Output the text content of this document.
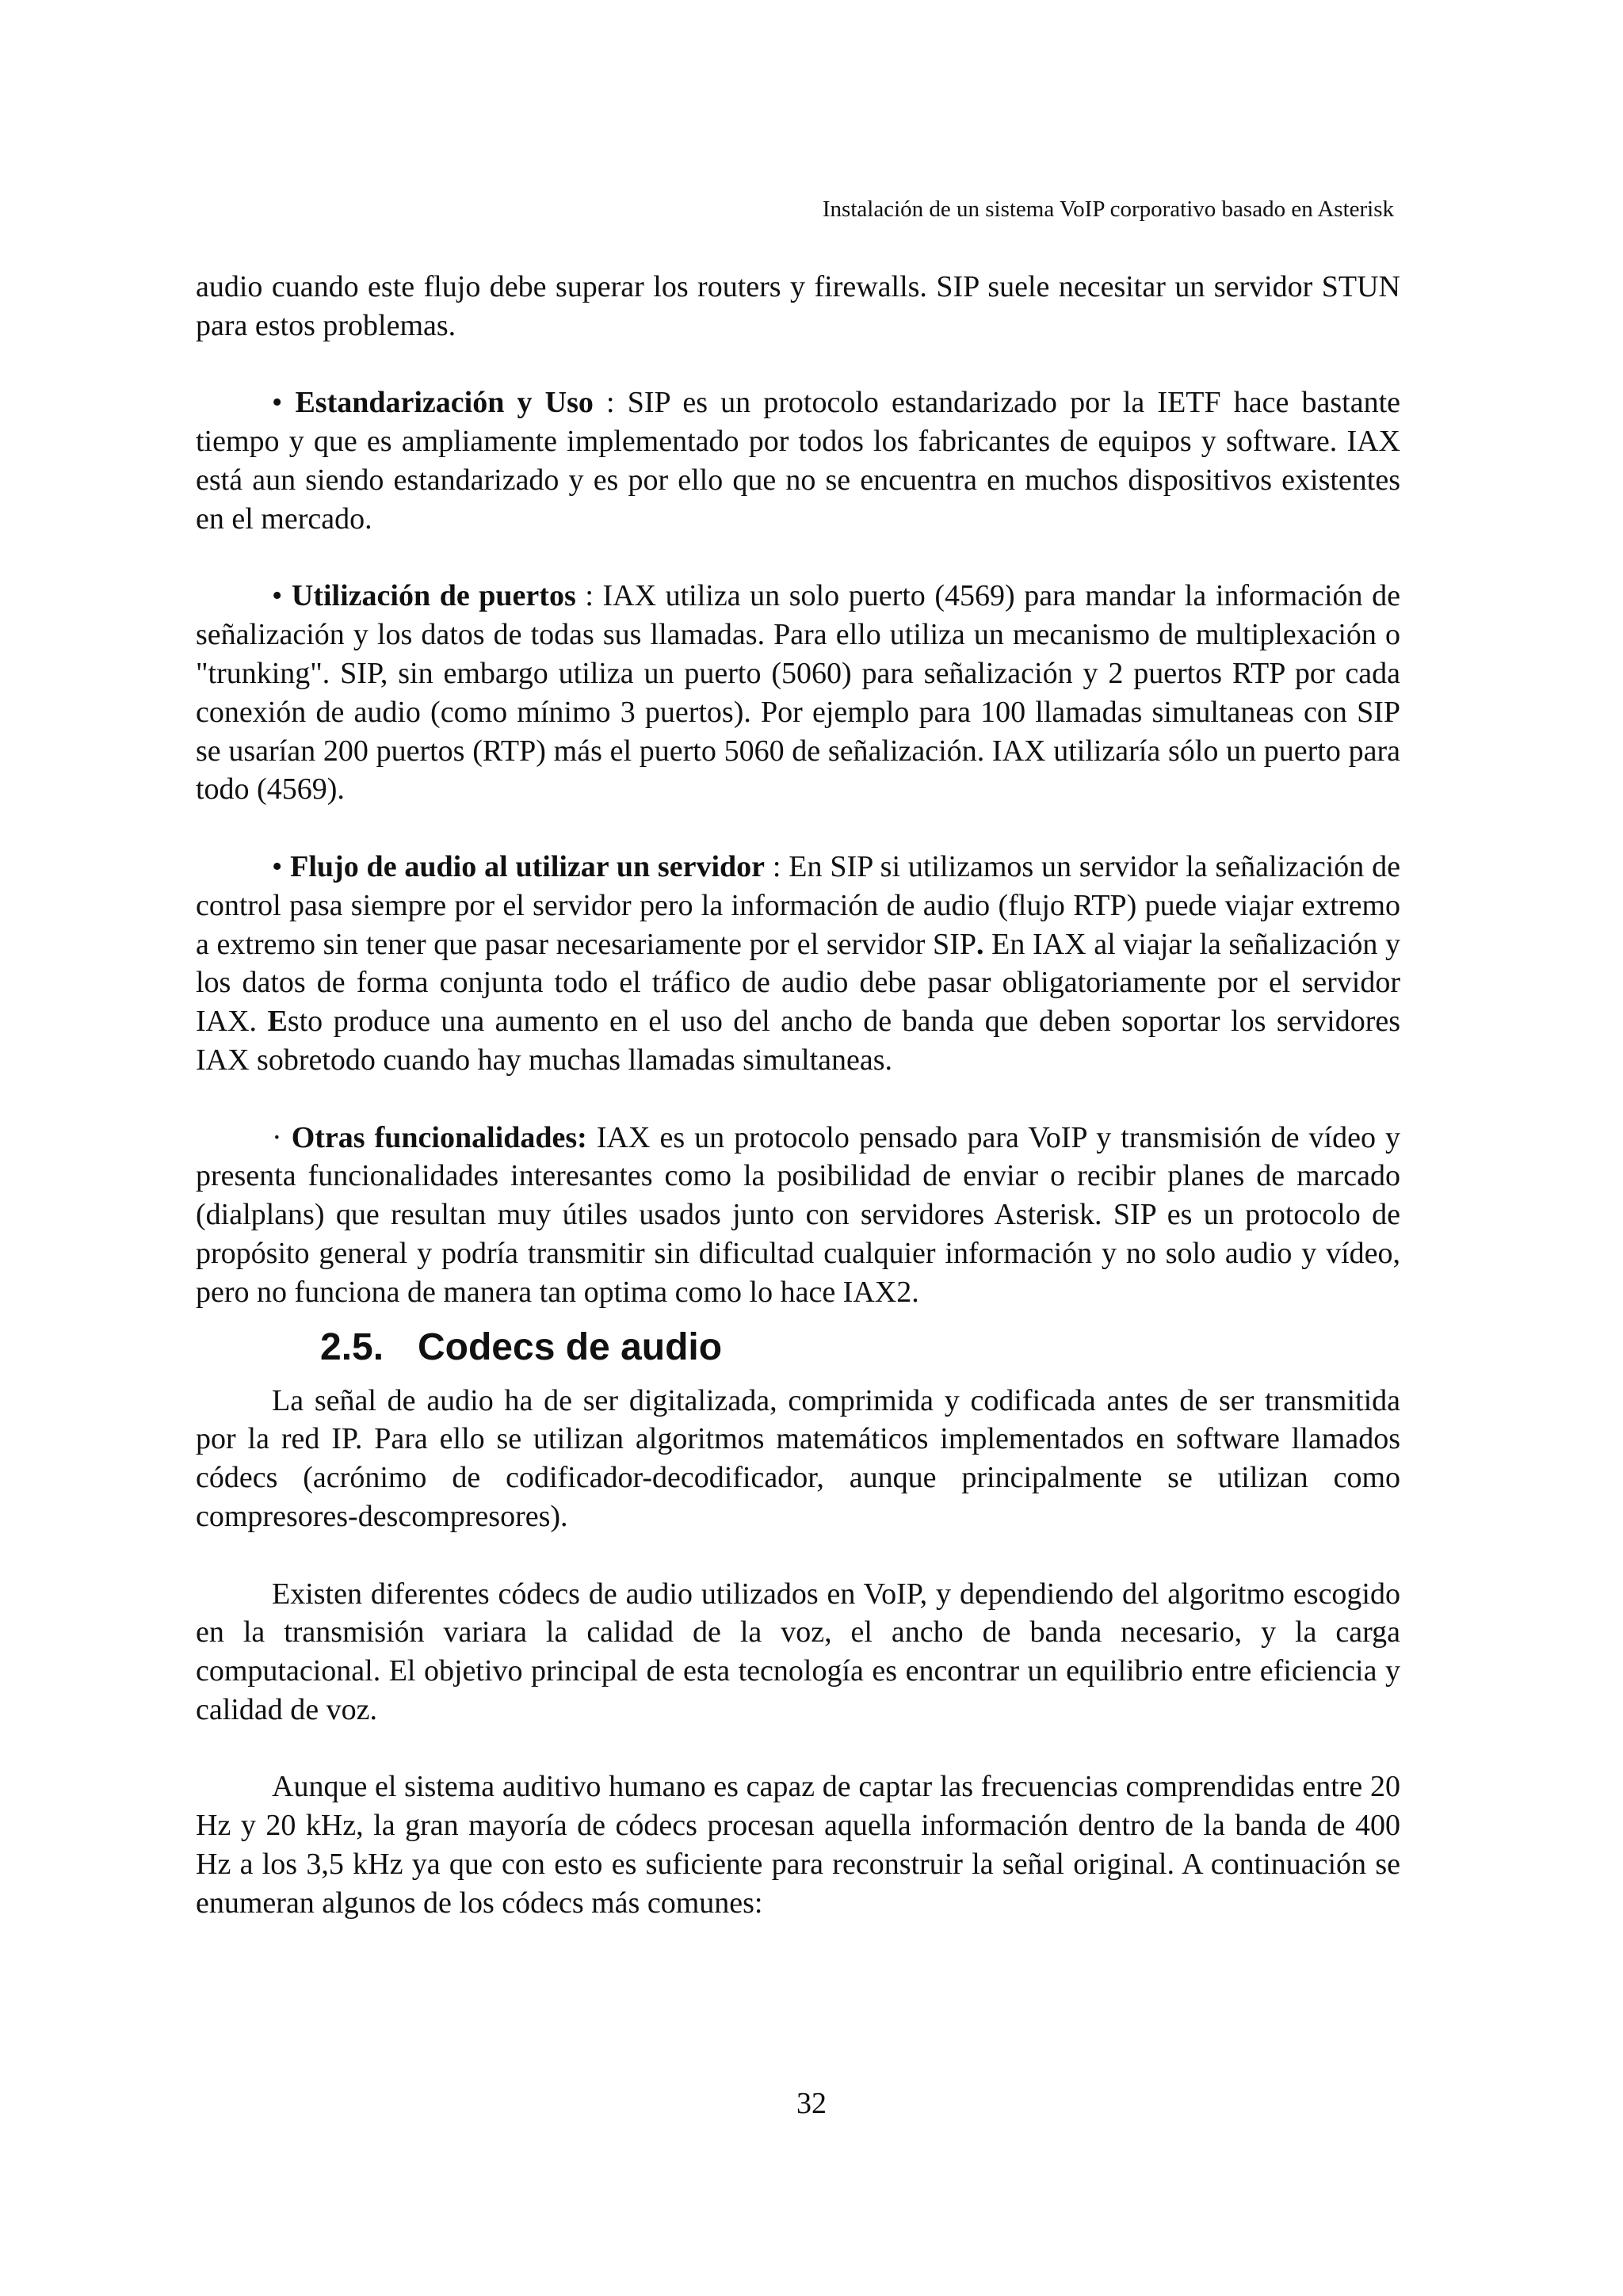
Instalación de un sistema VoIP corporativo basado en Asterisk

audio cuando este flujo debe superar los routers y firewalls. SIP suele necesitar un servidor STUN para estos problemas.

• Estandarización y Uso : SIP es un protocolo estandarizado por la IETF hace bastante tiempo y que es ampliamente implementado por todos los fabricantes de equipos y software. IAX está aun siendo estandarizado y es por ello que no se encuentra en muchos dispositivos existentes en el mercado.

• Utilización de puertos : IAX utiliza un solo puerto (4569) para mandar la información de señalización y los datos de todas sus llamadas. Para ello utiliza un mecanismo de multiplexación o "trunking". SIP, sin embargo utiliza un puerto (5060) para señalización y 2 puertos RTP por cada conexión de audio (como mínimo 3 puertos). Por ejemplo para 100 llamadas simultaneas con SIP se usarían 200 puertos (RTP) más el puerto 5060 de señalización. IAX utilizaría sólo un puerto para todo (4569).

• Flujo de audio al utilizar un servidor : En SIP si utilizamos un servidor la señalización de control pasa siempre por el servidor pero la información de audio (flujo RTP) puede viajar extremo a extremo sin tener que pasar necesariamente por el servidor SIP. En IAX al viajar la señalización y los datos de forma conjunta todo el tráfico de audio debe pasar obligatoriamente por el servidor IAX. Esto produce una aumento en el uso del ancho de banda que deben soportar los servidores IAX sobretodo cuando hay muchas llamadas simultaneas.

· Otras funcionalidades: IAX es un protocolo pensado para VoIP y transmisión de vídeo y presenta funcionalidades interesantes como la posibilidad de enviar o recibir planes de marcado (dialplans) que resultan muy útiles usados junto con servidores Asterisk. SIP es un protocolo de propósito general y podría transmitir sin dificultad cualquier información y no solo audio y vídeo, pero no funciona de manera tan optima como lo hace IAX2.

2.5. Codecs de audio

La señal de audio ha de ser digitalizada, comprimida y codificada antes de ser transmitida por la red IP. Para ello se utilizan algoritmos matemáticos implementados en software llamados códecs (acrónimo de codificador-decodificador, aunque principalmente se utilizan como compresores-descompresores).

Existen diferentes códecs de audio utilizados en VoIP, y dependiendo del algoritmo escogido en la transmisión variara la calidad de la voz, el ancho de banda necesario, y la carga computacional. El objetivo principal de esta tecnología es encontrar un equilibrio entre eficiencia y calidad de voz.

Aunque el sistema auditivo humano es capaz de captar las frecuencias comprendidas entre 20 Hz y 20 kHz, la gran mayoría de códecs procesan aquella información dentro de la banda de 400 Hz a los 3,5 kHz ya que con esto es suficiente para reconstruir la señal original. A continuación se enumeran algunos de los códecs más comunes:

32
